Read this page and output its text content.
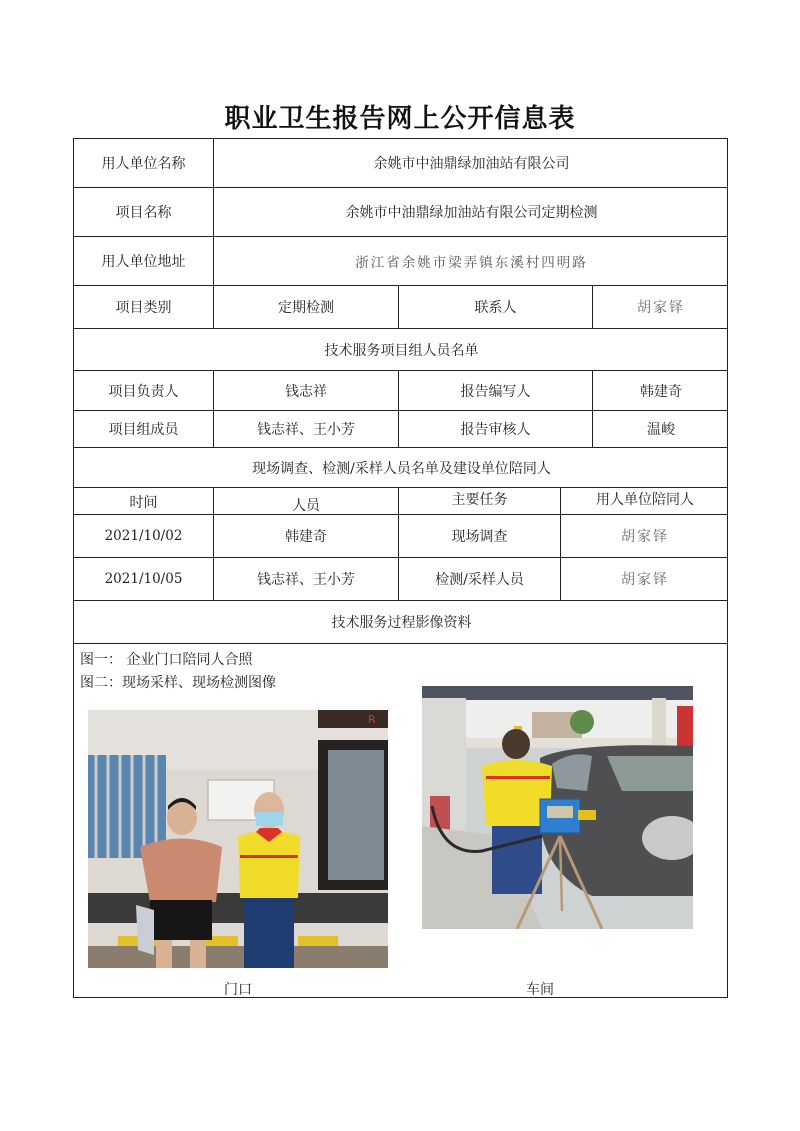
职业卫生报告网上公开信息表
用人单位名称	余姚市中油鼎绿加油站有限公司
项目名称	余姚市中油鼎绿加油站有限公司定期检测
用人单位地址	浙江省余姚市梁弄镇东溪村四明路
项目类别	定期检测	联系人	胡家铎
技术服务项目组人员名单
项目负责人	钱志祥	报告编写人	韩建奇
项目组成员	钱志祥、王小芳	报告审核人	温峻
现场调查、检测/采样人员名单及建设单位陪同人
时间	人员	主要任务	用人单位陪同人
2021/10/02	韩建奇	现场调查	胡家铎
2021/10/05	钱志祥、王小芳	检测/采样人员	胡家铎
技术服务过程影像资料
图一： 企业门口陪同人合照
图二：现场采样、现场检测图像
R
门口	车间
